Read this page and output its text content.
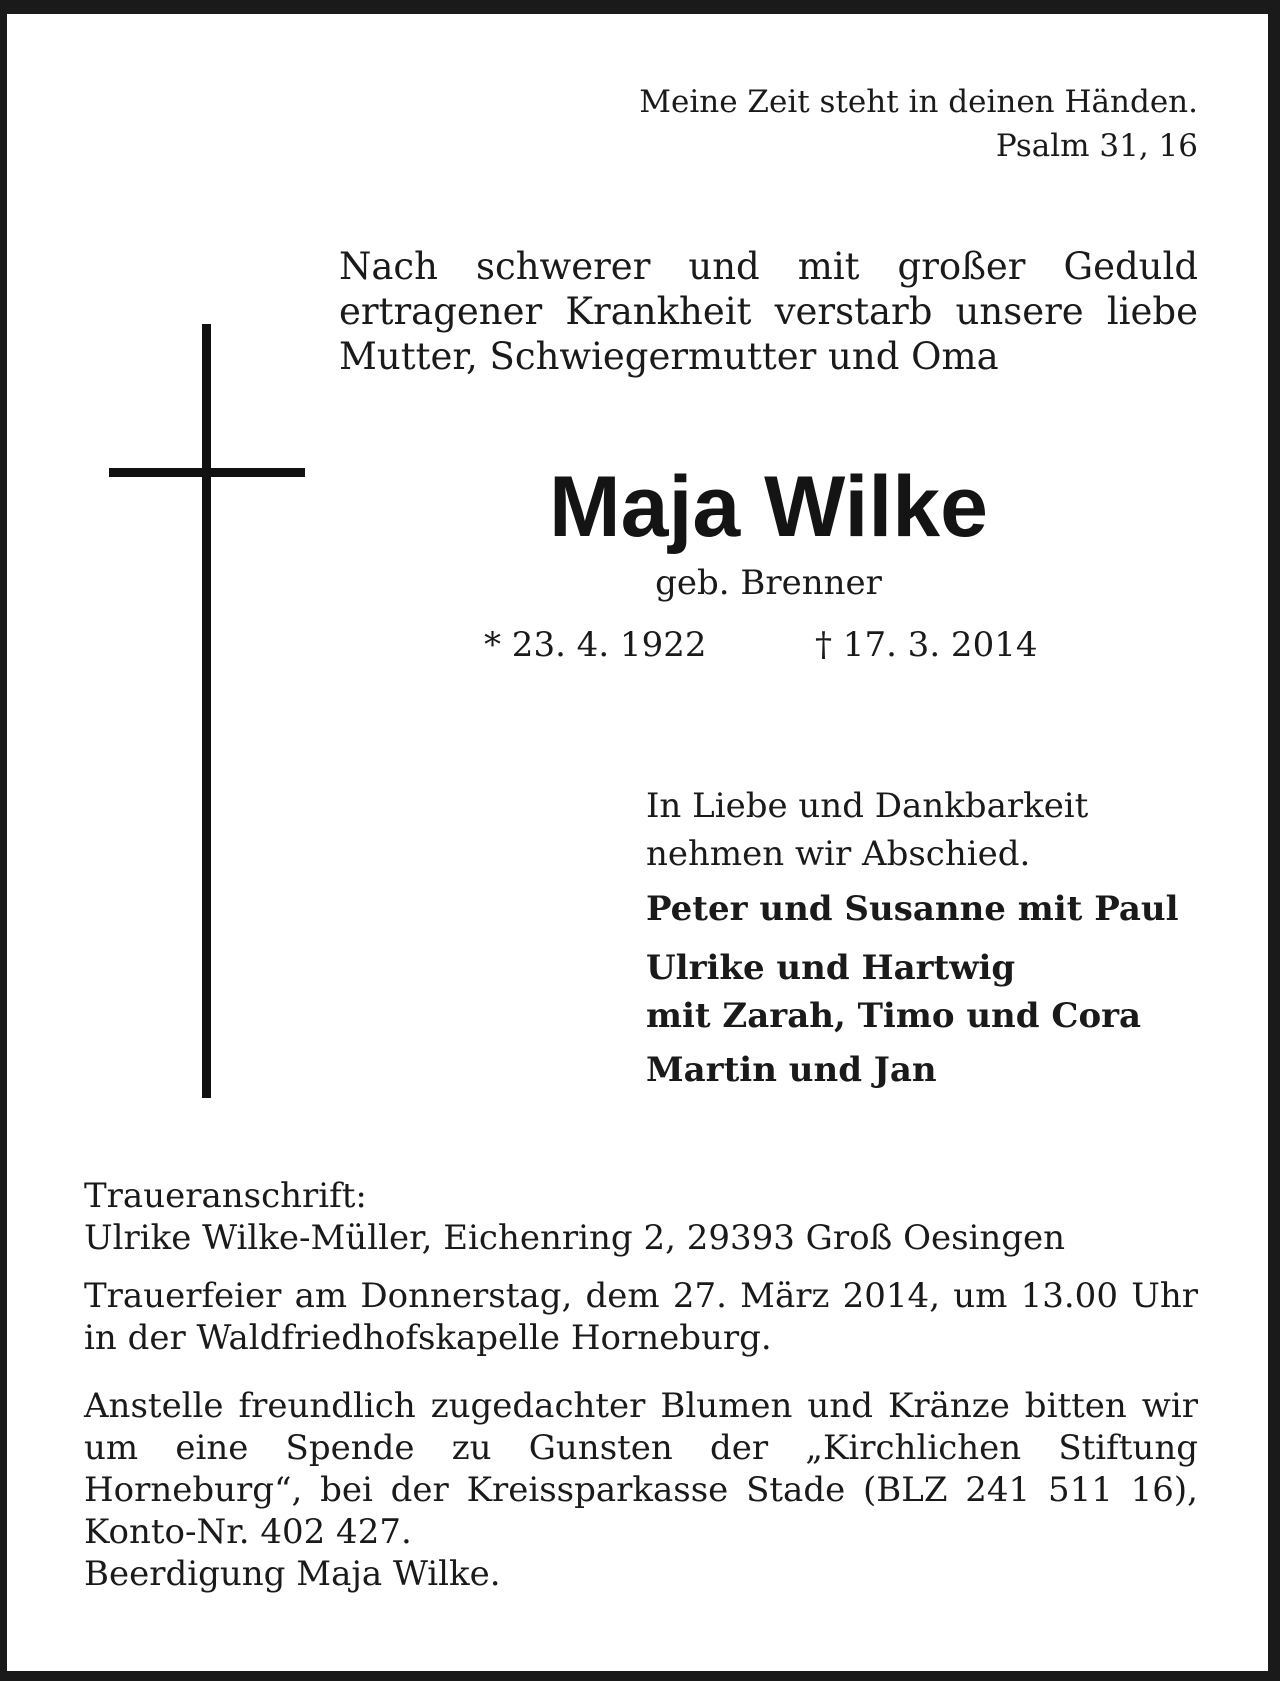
Meine Zeit steht in deinen Händen.
Psalm 31, 16

Nach schwerer und mit großer Geduld ertragener Krankheit verstarb unsere liebe Mutter, Schwiegermutter und Oma

Maja Wilke
geb. Brenner
* 23. 4. 1922	† 17. 3. 2014
In Liebe und Dankbarkeit
nehmen wir Abschied.
Peter und Susanne mit Paul
Ulrike und Hartwig
mit Zarah, Timo und Cora
Martin und Jan
Traueranschrift:
Ulrike Wilke-Müller, Eichenring 2, 29393 Groß Oesingen

Trauerfeier am Donnerstag, dem 27. März 2014, um 13.00 Uhr in der Waldfriedhofskapelle Horneburg.

Anstelle freundlich zugedachter Blumen und Kränze bitten wir um eine Spende zu Gunsten der „Kirchlichen Stiftung Horneburg“, bei der Kreissparkasse Stade (BLZ 241 511 16), Konto-Nr. 402 427.
Beerdigung Maja Wilke.
